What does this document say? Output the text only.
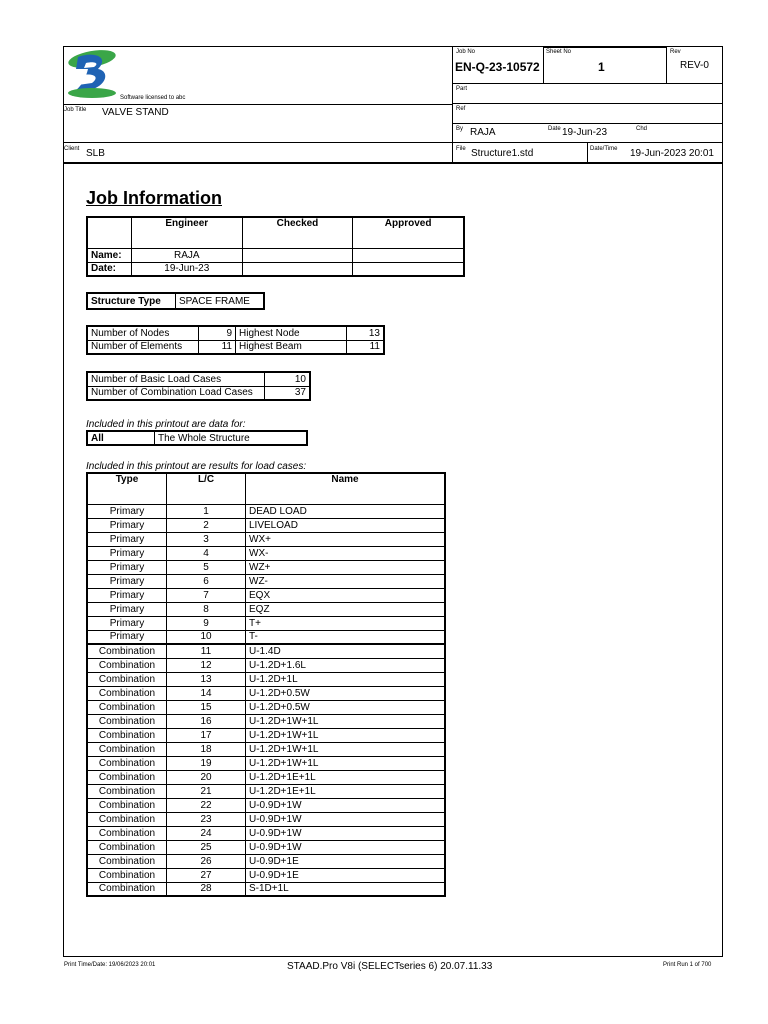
Software licensed to abc
Job Title VALVE STAND
Client SLB
Job No
EN-Q-23-10572
Sheet No
1
Rev
REV-0
Part
Ref
By RAJA	Date 19-Jun-23	Chd
File Structure1.std	Date/Time 19-Jun-2023 20:01
Job Information
	Engineer	Checked	Approved
Name:	RAJA		
Date:	19-Jun-23		
Structure Type	SPACE FRAME
Number of Nodes	9	Highest Node	13
Number of Elements	11	Highest Beam	11
Number of Basic Load Cases	10
Number of Combination Load Cases	37
Included in this printout are data for:
All	The Whole Structure
Included in this printout are results for load cases:
Type	L/C	Name
Primary	1	DEAD LOAD
Primary	2	LIVELOAD
Primary	3	WX+
Primary	4	WX-
Primary	5	WZ+
Primary	6	WZ-
Primary	7	EQX
Primary	8	EQZ
Primary	9	T+
Primary	10	T-
Combination	11	U-1.4D
Combination	12	U-1.2D+1.6L
Combination	13	U-1.2D+1L
Combination	14	U-1.2D+0.5W
Combination	15	U-1.2D+0.5W
Combination	16	U-1.2D+1W+1L
Combination	17	U-1.2D+1W+1L
Combination	18	U-1.2D+1W+1L
Combination	19	U-1.2D+1W+1L
Combination	20	U-1.2D+1E+1L
Combination	21	U-1.2D+1E+1L
Combination	22	U-0.9D+1W
Combination	23	U-0.9D+1W
Combination	24	U-0.9D+1W
Combination	25	U-0.9D+1W
Combination	26	U-0.9D+1E
Combination	27	U-0.9D+1E
Combination	28	S-1D+1L
Print Time/Date: 19/06/2023 20:01	STAAD.Pro V8i (SELECTseries 6) 20.07.11.33	Print Run 1 of 700
